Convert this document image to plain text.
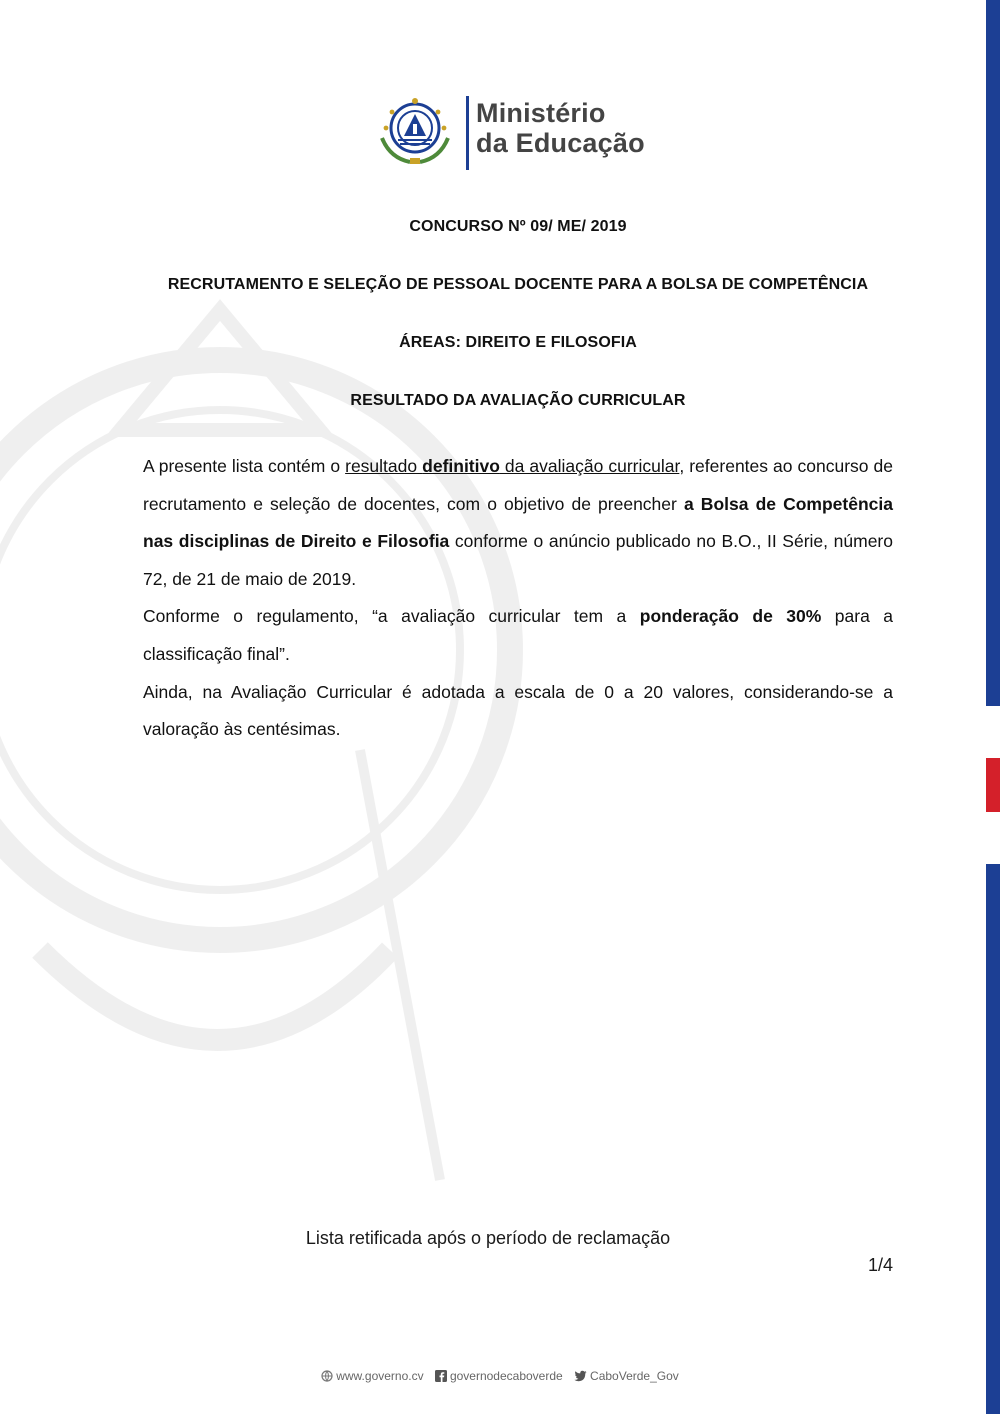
Ministério
da Educação
CONCURSO Nº 09/ ME/ 2019
RECRUTAMENTO E SELEÇÃO DE PESSOAL DOCENTE PARA A BOLSA DE COMPETÊNCIA
ÁREAS: DIREITO E FILOSOFIA
RESULTADO DA AVALIAÇÃO CURRICULAR

A presente lista contém o resultado definitivo da avaliação curricular, referentes ao concurso de recrutamento e seleção de docentes, com o objetivo de preencher a Bolsa de Competência nas disciplinas de Direito e Filosofia conforme o anúncio publicado no B.O., II Série, número 72, de 21 de maio de 2019.

Conforme o regulamento, “a avaliação curricular tem a ponderação de 30% para a classificação final”.

Ainda, na Avaliação Curricular é adotada a escala de 0 a 20 valores, considerando-se a valoração às centésimas.

Lista retificada após o período de reclamação
1/4
www.governo.cv governodecaboverde CaboVerde_Gov
